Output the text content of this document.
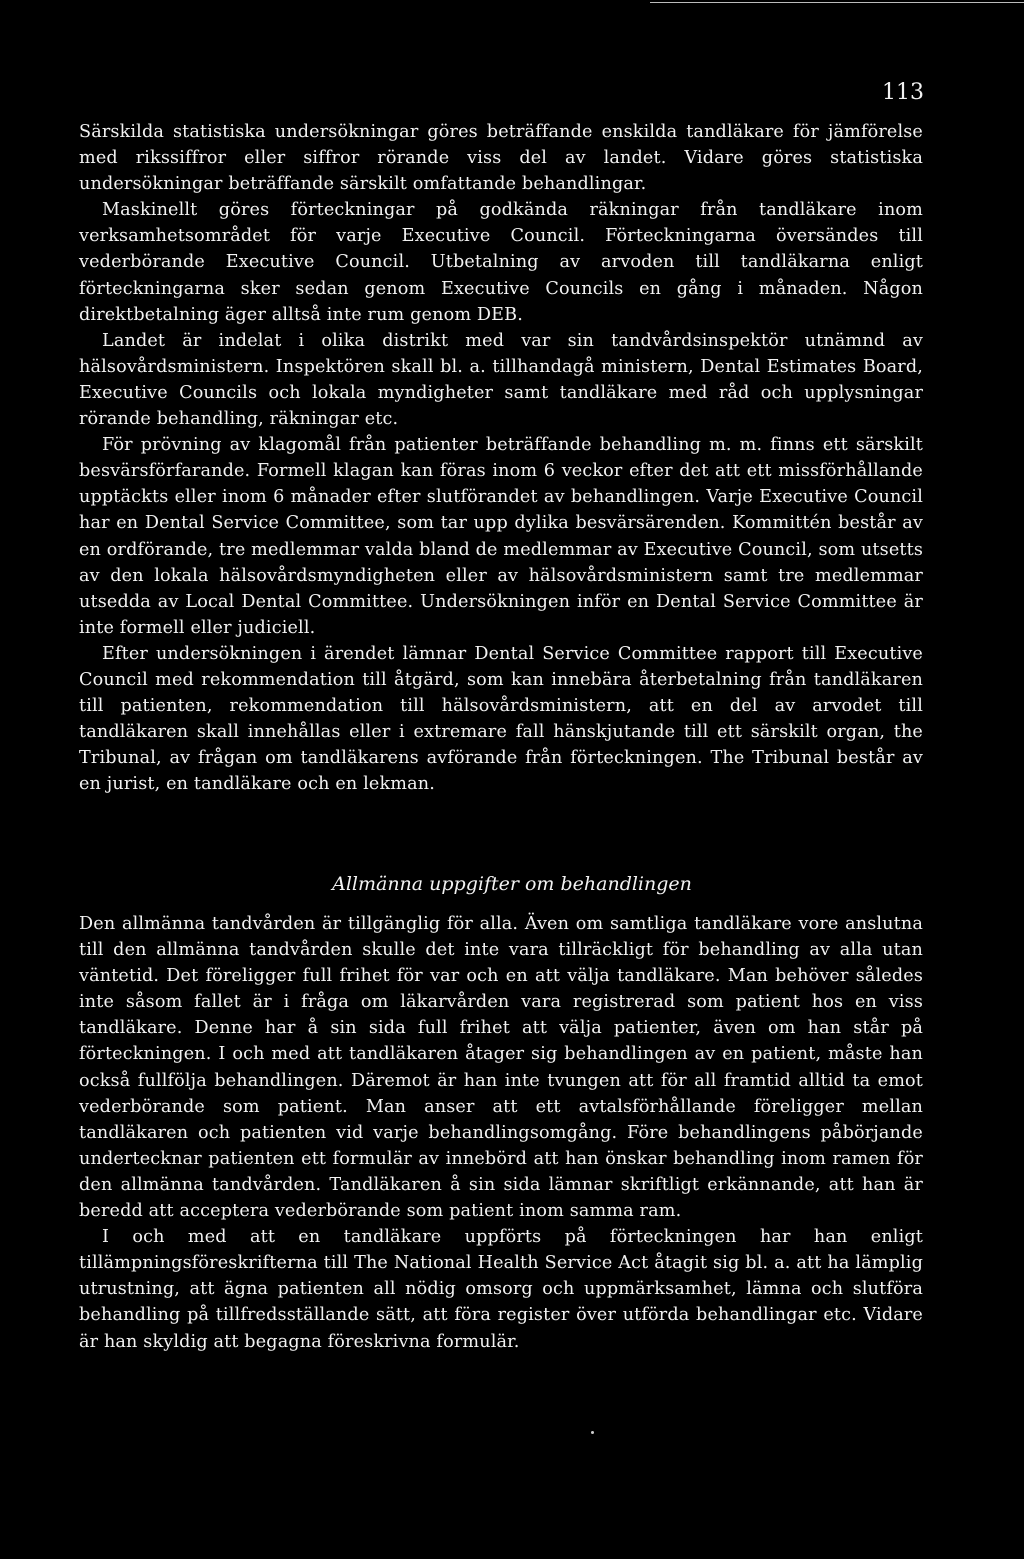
113

Särskilda statistiska undersökningar göres beträffande enskilda tandläkare för jämförelse med rikssiffror eller siffror rörande viss del av landet. Vidare göres statistiska undersökningar beträffande särskilt omfattande behandlingar.

Maskinellt göres förteckningar på godkända räkningar från tandläkare inom verksamhetsområdet för varje Executive Council. Förteckningarna översändes till vederbörande Executive Council. Utbetalning av arvoden till tandläkarna enligt förteckningarna sker sedan genom Executive Councils en gång i månaden. Någon direktbetalning äger alltså inte rum genom DEB.

Landet är indelat i olika distrikt med var sin tandvårdsinspektör utnämnd av hälsovårdsministern. Inspektören skall bl. a. tillhandagå ministern, Dental Estimates Board, Executive Councils och lokala myndigheter samt tandläkare med råd och upplysningar rörande behandling, räkningar etc.

För prövning av klagomål från patienter beträffande behandling m. m. finns ett särskilt besvärsförfarande. Formell klagan kan föras inom 6 veckor efter det att ett missförhållande upptäckts eller inom 6 månader efter slutförandet av behandlingen. Varje Executive Council har en Dental Service Committee, som tar upp dylika besvärsärenden. Kommittén består av en ordförande, tre medlemmar valda bland de medlemmar av Executive Council, som utsetts av den lokala hälsovårdsmyndigheten eller av hälsovårdsministern samt tre medlemmar utsedda av Local Dental Committee. Undersökningen inför en Dental Service Committee är inte formell eller judiciell.

Efter undersökningen i ärendet lämnar Dental Service Committee rapport till Executive Council med rekommendation till åtgärd, som kan innebära återbetalning från tandläkaren till patienten, rekommendation till hälsovårdsministern, att en del av arvodet till tandläkaren skall innehållas eller i extremare fall hänskjutande till ett särskilt organ, the Tribunal, av frågan om tandläkarens avförande från förteckningen. The Tribunal består av en jurist, en tandläkare och en lekman.

Allmänna uppgifter om behandlingen

Den allmänna tandvården är tillgänglig för alla. Även om samtliga tandläkare vore anslutna till den allmänna tandvården skulle det inte vara tillräckligt för behandling av alla utan väntetid. Det föreligger full frihet för var och en att välja tandläkare. Man behöver således inte såsom fallet är i fråga om läkarvården vara registrerad som patient hos en viss tandläkare. Denne har å sin sida full frihet att välja patienter, även om han står på förteckningen. I och med att tandläkaren åtager sig behandlingen av en patient, måste han också fullfölja behandlingen. Däremot är han inte tvungen att för all framtid alltid ta emot vederbörande som patient. Man anser att ett avtalsförhållande föreligger mellan tandläkaren och patienten vid varje behandlingsomgång. Före behandlingens påbörjande undertecknar patienten ett formulär av innebörd att han önskar behandling inom ramen för den allmänna tandvården. Tandläkaren å sin sida lämnar skriftligt erkännande, att han är beredd att acceptera vederbörande som patient inom samma ram.

I och med att en tandläkare uppförts på förteckningen har han enligt tillämpningsföreskrifterna till The National Health Service Act åtagit sig bl. a. att ha lämplig utrustning, att ägna patienten all nödig omsorg och uppmärksamhet, lämna och slutföra behandling på tillfredsställande sätt, att föra register över utförda behandlingar etc. Vidare är han skyldig att begagna föreskrivna formulär.
